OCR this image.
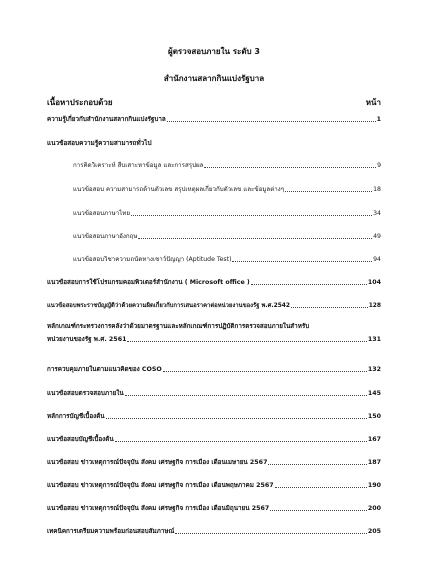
ผู้ตรวจสอบภายใน ระดับ 3
สำนักงานสลากกินแบ่งรัฐบาล
เนื้อหาประกอบด้วย	หน้า
ความรู้เกี่ยวกับสำนักงานสลากกินแบ่งรัฐบาล	1
แนวข้อสอบความรู้ความสามารถทั่วไป
การคิดวิเคราะห์ สืบเสาะหาข้อมูล และการสรุปผล	9
แนวข้อสอบ ความสามารถด้านตัวเลข สรุปเหตุผลเกี่ยวกับตัวเลข และข้อมูลต่างๆ	18
แนวข้อสอบภาษาไทย	34
แนวข้อสอบภาษาอังกฤษ	49
แนวข้อสอบวิชาความถนัดทางเชาว์ปัญญา (Aptitude Test)	94
แนวข้อสอบการใช้โปรแกรมคอมพิวเตอร์สำนักงาน ( Microsoft office )	104
แนวข้อสอบพระราชบัญญัติว่าด้วยความผิดเกี่ยวกับการเสนอราคาต่อหน่วยงานของรัฐ พ.ศ.2542	128
หลักเกณฑ์กระทรวงการคลังว่าด้วยมาตรฐานและหลักเกณฑ์การปฏิบัติการตรวจสอบภายในสำหรับ
หน่วยงานของรัฐ พ.ศ. 2561	131
การควบคุมภายในตามแนวคิดของ COSO	132
แนวข้อสอบตรวจสอบภายใน	145
หลักการบัญชีเบื้องต้น	150
แนวข้อสอบบัญชีเบื้องต้น	167
แนวข้อสอบ ข่าวเหตุการณ์ปัจจุบัน สังคม เศรษฐกิจ การเมือง เดือนเมษายน 2567	187
แนวข้อสอบ ข่าวเหตุการณ์ปัจจุบัน สังคม เศรษฐกิจ การเมือง เดือนพฤษภาคม 2567	190
แนวข้อสอบ ข่าวเหตุการณ์ปัจจุบัน สังคม เศรษฐกิจ การเมือง เดือนมิถุนายน 2567	200
เทคนิคการเตรียมความพร้อมก่อนสอบสัมภาษณ์	205
